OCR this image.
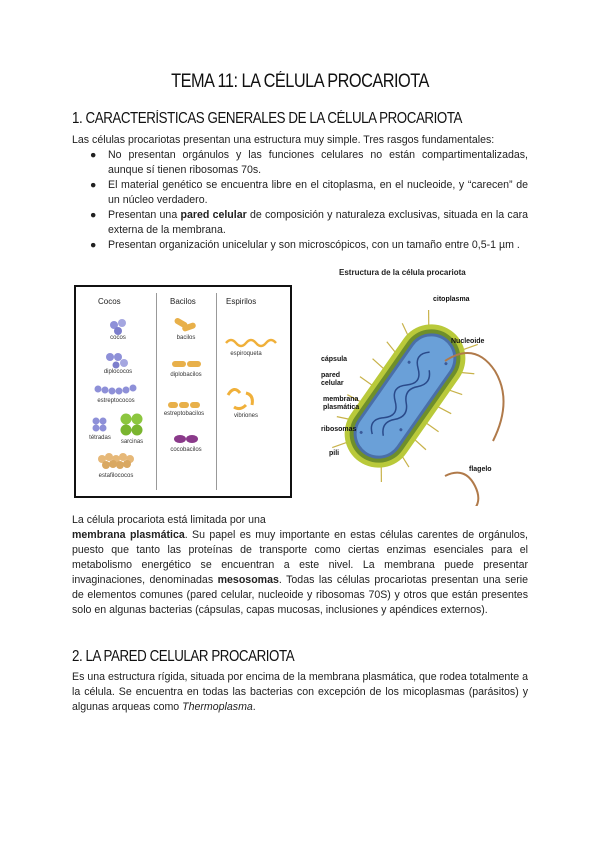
TEMA 11: LA CÉLULA PROCARIOTA
1. CARACTERÍSTICAS GENERALES DE LA CÉLULA PROCARIOTA
Las células procariotas presentan una estructura muy simple. Tres rasgos fundamentales:
● No presentan orgánulos y las funciones celulares no están compartimentalizadas, aunque sí tienen ribosomas 70s.
● El material genético se encuentra libre en el citoplasma, en el nucleoide, y “carecen” de un núcleo verdadero.
● Presentan una pared celular de composición y naturaleza exclusivas, situada en la cara externa de la membrana.
● Presentan organización unicelular y son microscópicos, con un tamaño entre 0,5-1 µm .
Cocos	Bacilos	Espirilos
cocos
diplococos
estreptococos
tétradas
sarcinas
estafilococos
bacilos
diplobacilos
estreptobacilos
cocobacilos
espiroqueta
vibriones
Estructura de la célula procariota
citoplasma
Nucleoide
cápsula
pared
celular
membrana
plasmática
ribosomas
pili
flagelo
La célula procariota está limitada por una
membrana plasmática. Su papel es muy importante en estas células carentes de orgánulos, puesto que tanto las proteínas de transporte como ciertas enzimas esenciales para el metabolismo energético se encuentran a este nivel. La membrana puede presentar invaginaciones, denominadas mesosomas. Todas las células procariotas presentan una serie de elementos comunes (pared celular, nucleoide y ribosomas 70S) y otros que están presentes solo en algunas bacterias (cápsulas, capas mucosas, inclusiones y apéndices externos).
2. LA PARED CELULAR PROCARIOTA
Es una estructura rígida, situada por encima de la membrana plasmática, que rodea totalmente a la célula. Se encuentra en todas las bacterias con excepción de los micoplasmas (parásitos) y algunas arqueas como Thermoplasma.
